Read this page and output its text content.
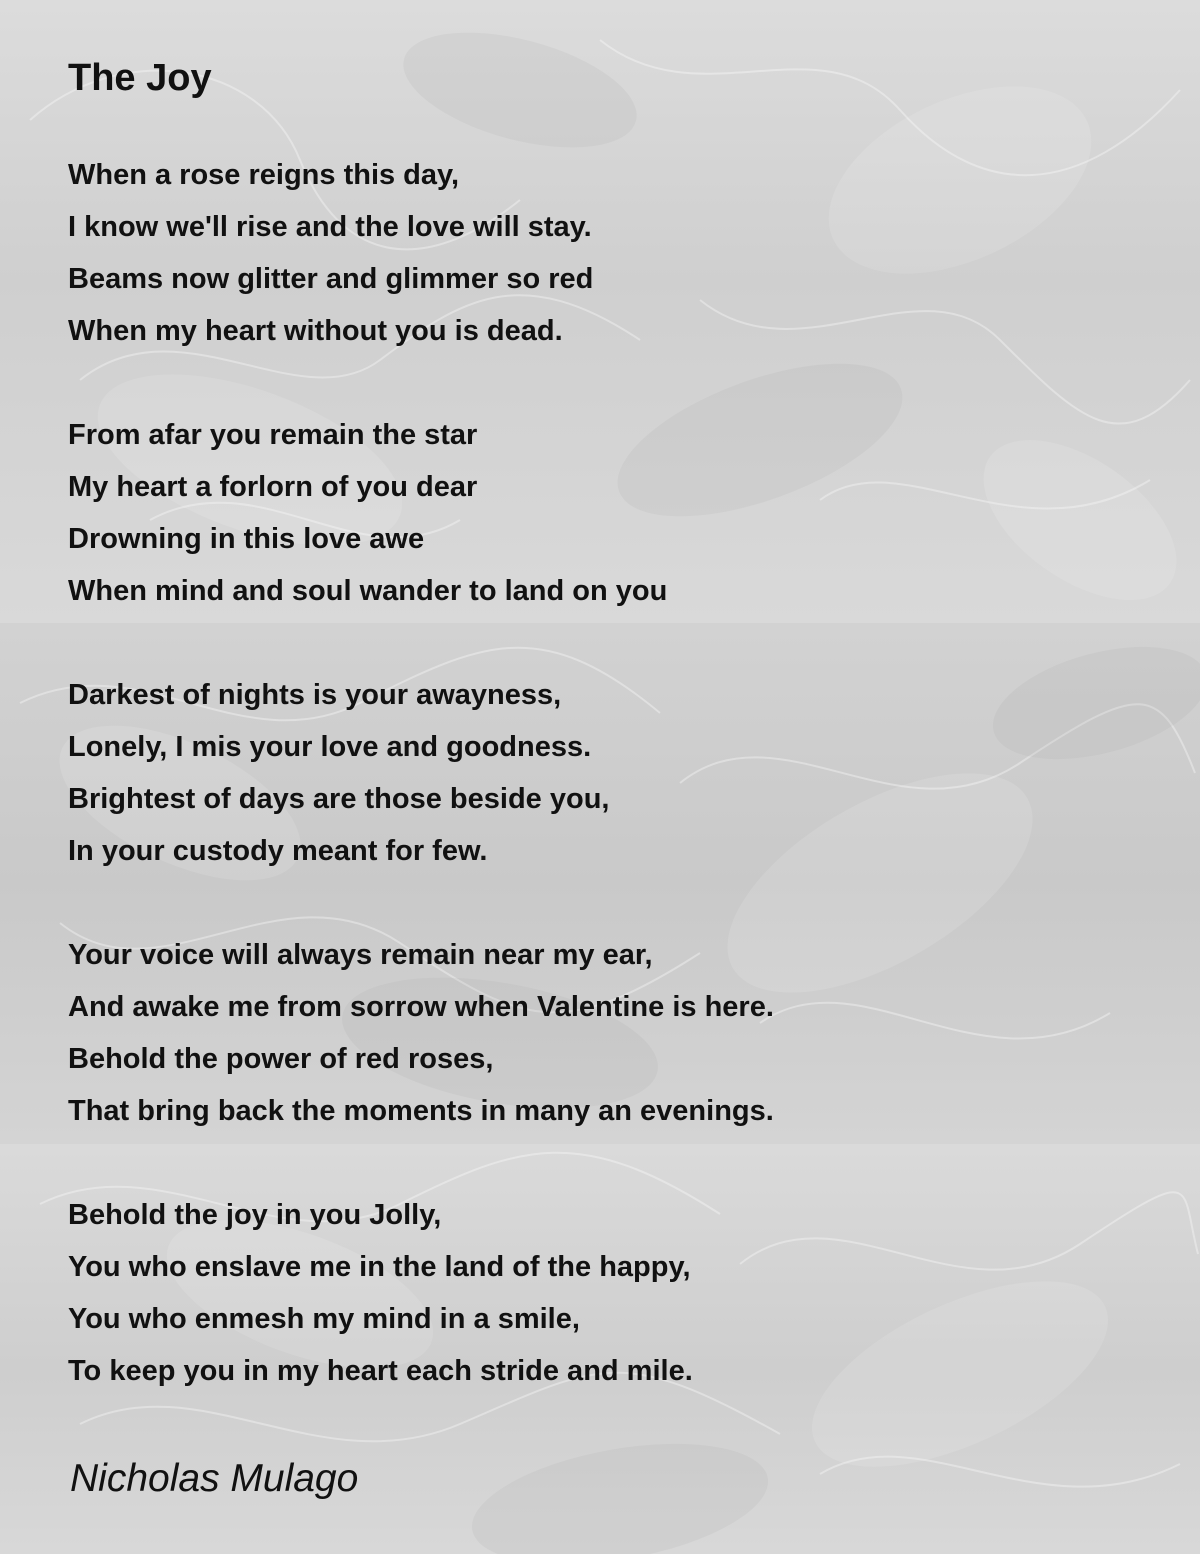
The Joy
When a rose reigns this day,
I know we'll rise and the love will stay.
Beams now glitter and glimmer so red
When my heart without you is dead.
From afar you remain the star
My heart a forlorn of you dear
Drowning in this love awe
When mind and soul wander to land on you
Darkest of nights is your awayness,
Lonely, I mis your love and goodness.
Brightest of days are those beside you,
In your custody meant for few.
Your voice will always remain near my ear,
And awake me from sorrow when Valentine is here.
Behold the power of red roses,
That bring back the moments in many an evenings.
Behold the joy in you Jolly,
You who enslave me in the land of the happy,
You who enmesh my mind in a smile,
To keep you in my heart each stride and mile.
Nicholas Mulago
